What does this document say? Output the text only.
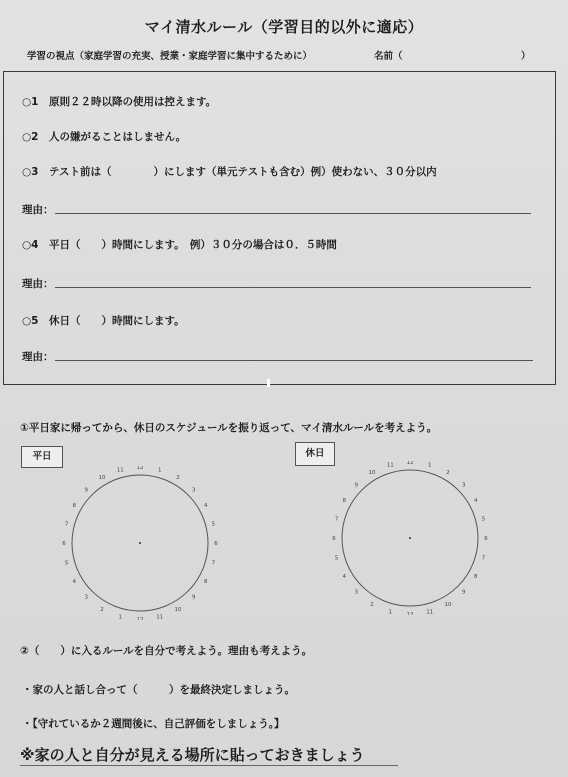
マイ清水ルール（学習目的以外に適応）
学習の視点（家庭学習の充実、授業・家庭学習に集中するために）	名前（	）
○1　原則２２時以降の使用は控えます。
○2　人の嫌がることはしません。
○3　テスト前は（　　　　）にします（単元テストも含む）例）使わない、３０分以内
理由：
○4　平日（　　）時間にします。　例）３０分の場合は０．５時間
理由：
○5　休日（　　）時間にします。
理由：
①平日家に帰ってから、休日のスケジュールを振り返って、マイ清水ルールを考えよう。
平日	休日
12	1
2
3
4
5
6
7
8
9
10
11
12
1
2
3
4
5
6
7
8
9
10
11
12	1
2
3
4
5
6
7
8
9
10
11
12
1
2
3
4
5
6
7
8
9
10
11
②（　　）に入るルールを自分で考えよう。理由も考えよう。
・家の人と話し合って（　　　）を最終決定しましょう。
・【守れているか２週間後に、自己評価をしましょう。】
※家の人と自分が見える場所に貼っておきましょう
